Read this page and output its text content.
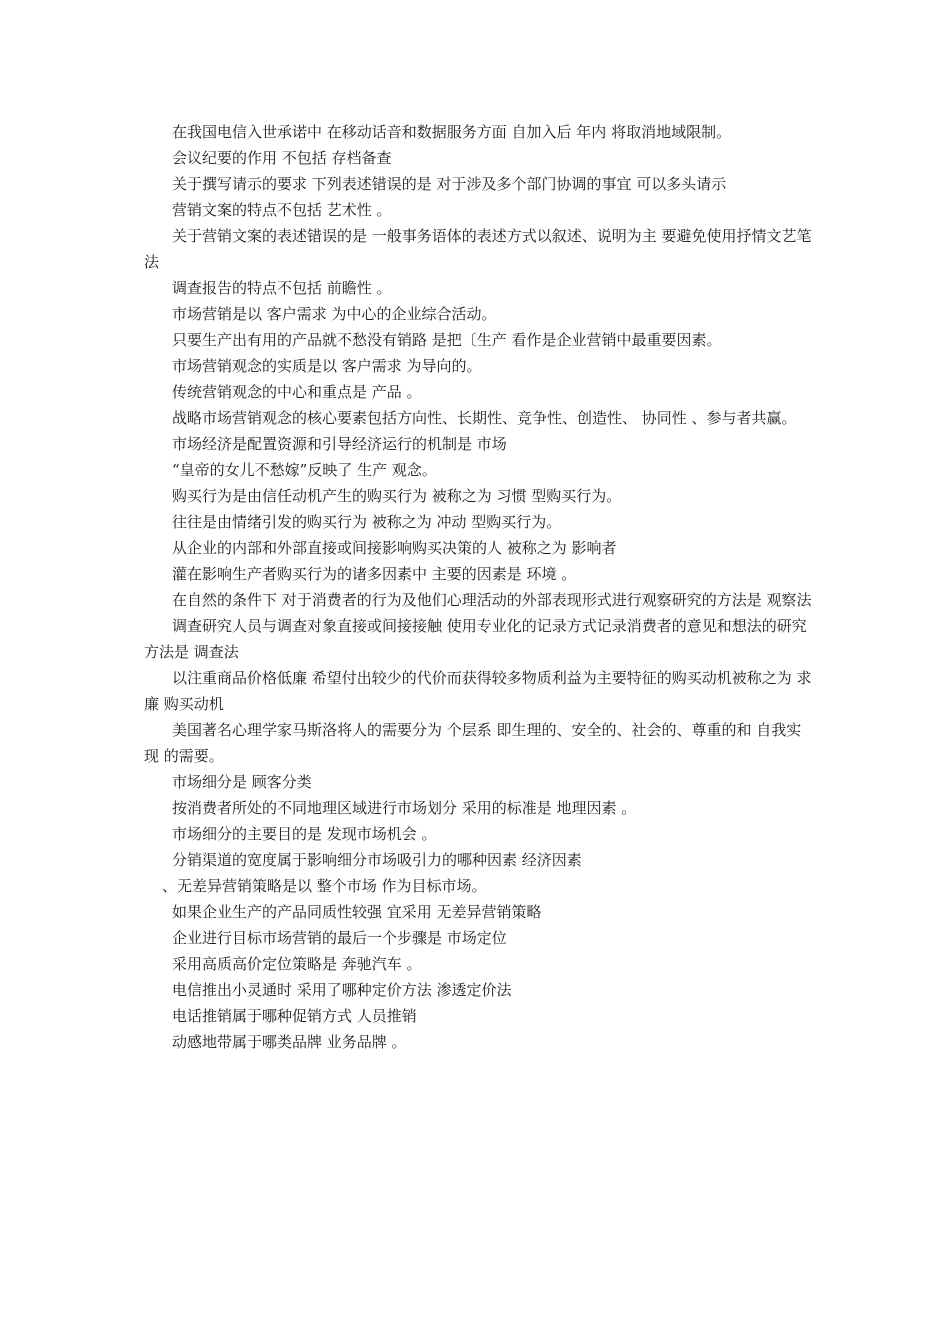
在我国电信入世承诺中 在移动话音和数据服务方面 自加入后 年内 将取消地域限制。

会议纪要的作用 不包括 存档备查

关于撰写请示的要求 下列表述错误的是 对于涉及多个部门协调的事宜 可以多头请示

营销文案的特点不包括 艺术性 。

关于营销文案的表述错误的是 一般事务语体的表述方式以叙述、说明为主 要避免使用抒情文艺笔法

调查报告的特点不包括 前瞻性 。

市场营销是以 客户需求 为中心的企业综合活动。

只要生产出有用的产品就不愁没有销路 是把〔生产 看作是企业营销中最重要因素。

市场营销观念的实质是以 客户需求 为导向的。

传统营销观念的中心和重点是 产品 。

战略市场营销观念的核心要素包括方向性、长期性、竞争性、创造性、 协同性 、参与者共赢。

市场经济是配置资源和引导经济运行的机制是 市场

“皇帝的女儿不愁嫁”反映了 生产 观念。

购买行为是由信任动机产生的购买行为 被称之为 习惯 型购买行为。

往往是由情绪引发的购买行为 被称之为 冲动 型购买行为。

从企业的内部和外部直接或间接影响购买决策的人 被称之为 影响者

灌在影响生产者购买行为的诸多因素中 主要的因素是 环境 。

在自然的条件下 对于消费者的行为及他们心理活动的外部表现形式进行观察研究的方法是 观察法

调查研究人员与调查对象直接或间接接触 使用专业化的记录方式记录消费者的意见和想法的研究方法是 调查法

以注重商品价格低廉 希望付出较少的代价而获得较多物质利益为主要特征的购买动机被称之为 求廉 购买动机

美国著名心理学家马斯洛将人的需要分为 个层系 即生理的、安全的、社会的、尊重的和 自我实现 的需要。

市场细分是 顾客分类

按消费者所处的不同地理区域进行市场划分 采用的标准是 地理因素 。

市场细分的主要目的是 发现市场机会 。

分销渠道的宽度属于影响细分市场吸引力的哪种因素 经济因素

、无差异营销策略是以 整个市场 作为目标市场。

如果企业生产的产品同质性较强 宜采用 无差异营销策略

企业进行目标市场营销的最后一个步骤是 市场定位

采用高质高价定位策略是 奔驰汽车 。

电信推出小灵通时 采用了哪种定价方法 渗透定价法

电话推销属于哪种促销方式 人员推销

动感地带属于哪类品牌 业务品牌 。
